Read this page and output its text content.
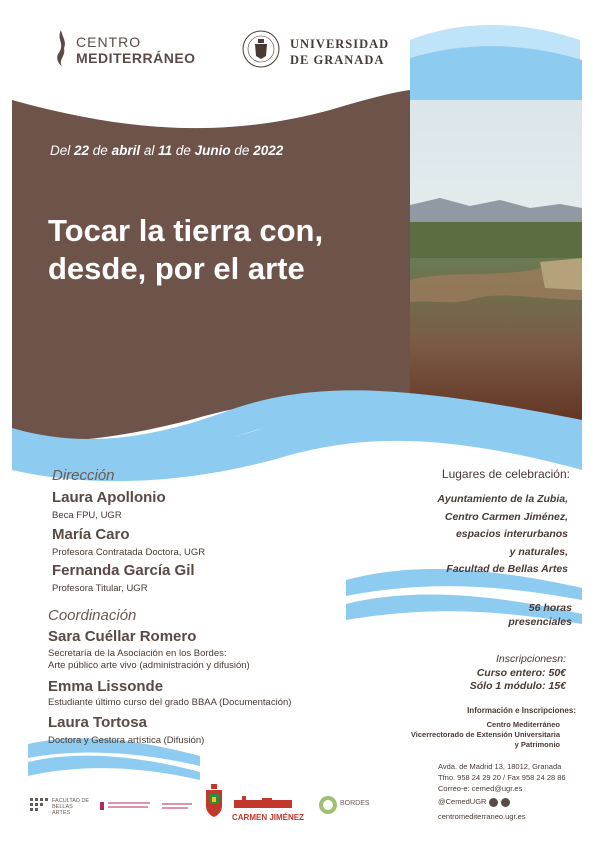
CENTRO
MEDITERRÁNEO
UNIVERSIDAD
DE GRANADA
Del 22 de abril al 11 de Junio de 2022
Tocar la tierra con,
desde, por el arte
Dirección
Laura Apollonio
Beca FPU, UGR
María Caro
Profesora Contratada Doctora, UGR
Fernanda García Gil
Profesora Titular, UGR
Coordinación
Sara Cuéllar Romero
Secretaría de la Asociación en los Bordes:
Arte público arte vivo (administración y difusión)
Emma Lissonde
Estudiante último curso del grado BBAA (Documentación)
Laura Tortosa
Doctora y Gestora artística (Difusión)
Lugares de celebración:
Ayuntamiento de la Zubia,
Centro Carmen Jiménez,
espacios interurbanos
y naturales,
Facultad de Bellas Artes
56 horas
presenciales
Inscripcionesn:
Curso entero: 50€
Sólo 1 módulo: 15€
Información e Inscripciones:
Centro Mediterráneo
Vicerrectorado de Extensión Universitaria
y Patrimonio
Avda. de Madrid 13, 18012, Granada
Tfno. 958 24 29 20 / Fax 958 24 28 86
Correo-e: cemed@ugr.es
@CemedUGR
centromediterraneo.ugr.es
FACULTAD DE BELLAS ARTES	CARMEN JIMÉNEZ
BORDES
